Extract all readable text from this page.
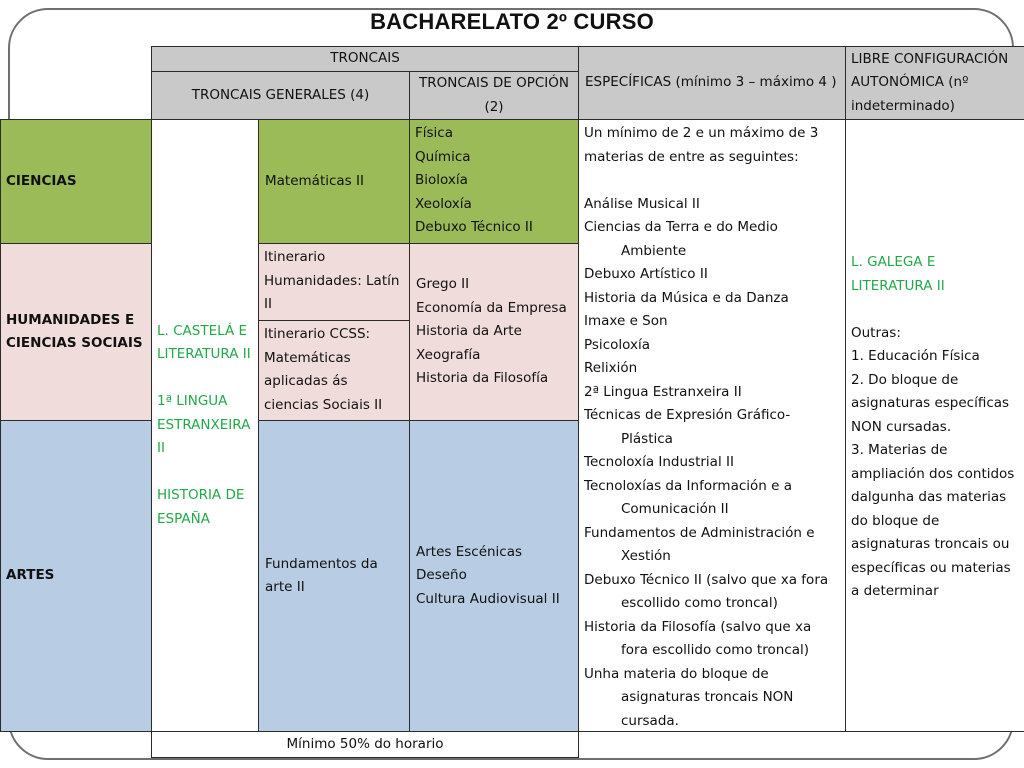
BACHARELATO 2º CURSO
TRONCAIS
TRONCAIS GENERALES (4)
TRONCAIS DE OPCIÓN (2)
ESPECÍFICAS (mínimo 3 – máximo 4 )
LIBRE CONFIGURACIÓN AUTONÓMICA (nº indeterminado)
CIENCIAS
HUMANIDADES E CIENCIAS SOCIAIS
ARTES
L. CASTELÁ E LITERATURA II
1ª LINGUA ESTRANXEIRA II
HISTORIA DE ESPAÑA
Matemáticas II
Itinerario Humanidades: Latín II
Itinerario CCSS: Matemáticas aplicadas ás ciencias Sociais II
Fundamentos da arte II
Física
Química
Bioloxía
Xeoloxía
Debuxo Técnico II
Grego II
Economía da Empresa
Historia da Arte
Xeografía
Historia da Filosofía
Artes Escénicas
Deseño
Cultura Audiovisual II
Un mínimo de 2 e un máximo de 3 materias de entre as seguintes:
Análise Musical II
Ciencias da Terra e do Medio Ambiente
Debuxo Artístico II
Historia da Música e da Danza
Imaxe e Son
Psicoloxía
Relixión
2ª Lingua Estranxeira II
Técnicas de Expresión Gráfico-Plástica
Tecnoloxía Industrial II
Tecnoloxías da Información e a Comunicación II
Fundamentos de Administración e Xestión
Debuxo Técnico II (salvo que xa fora escollido como troncal)
Historia da Filosofía (salvo que xa fora escollido como troncal)
Unha materia do bloque de asignaturas troncais NON cursada.
L. GALEGA E LITERATURA II
Outras:
1. Educación Física
2. Do bloque de asignaturas específicas NON cursadas.
3. Materias de ampliación dos contidos dalgunha das materias do bloque de asignaturas troncais ou específicas ou materias a determinar
Mínimo 50% do horario
